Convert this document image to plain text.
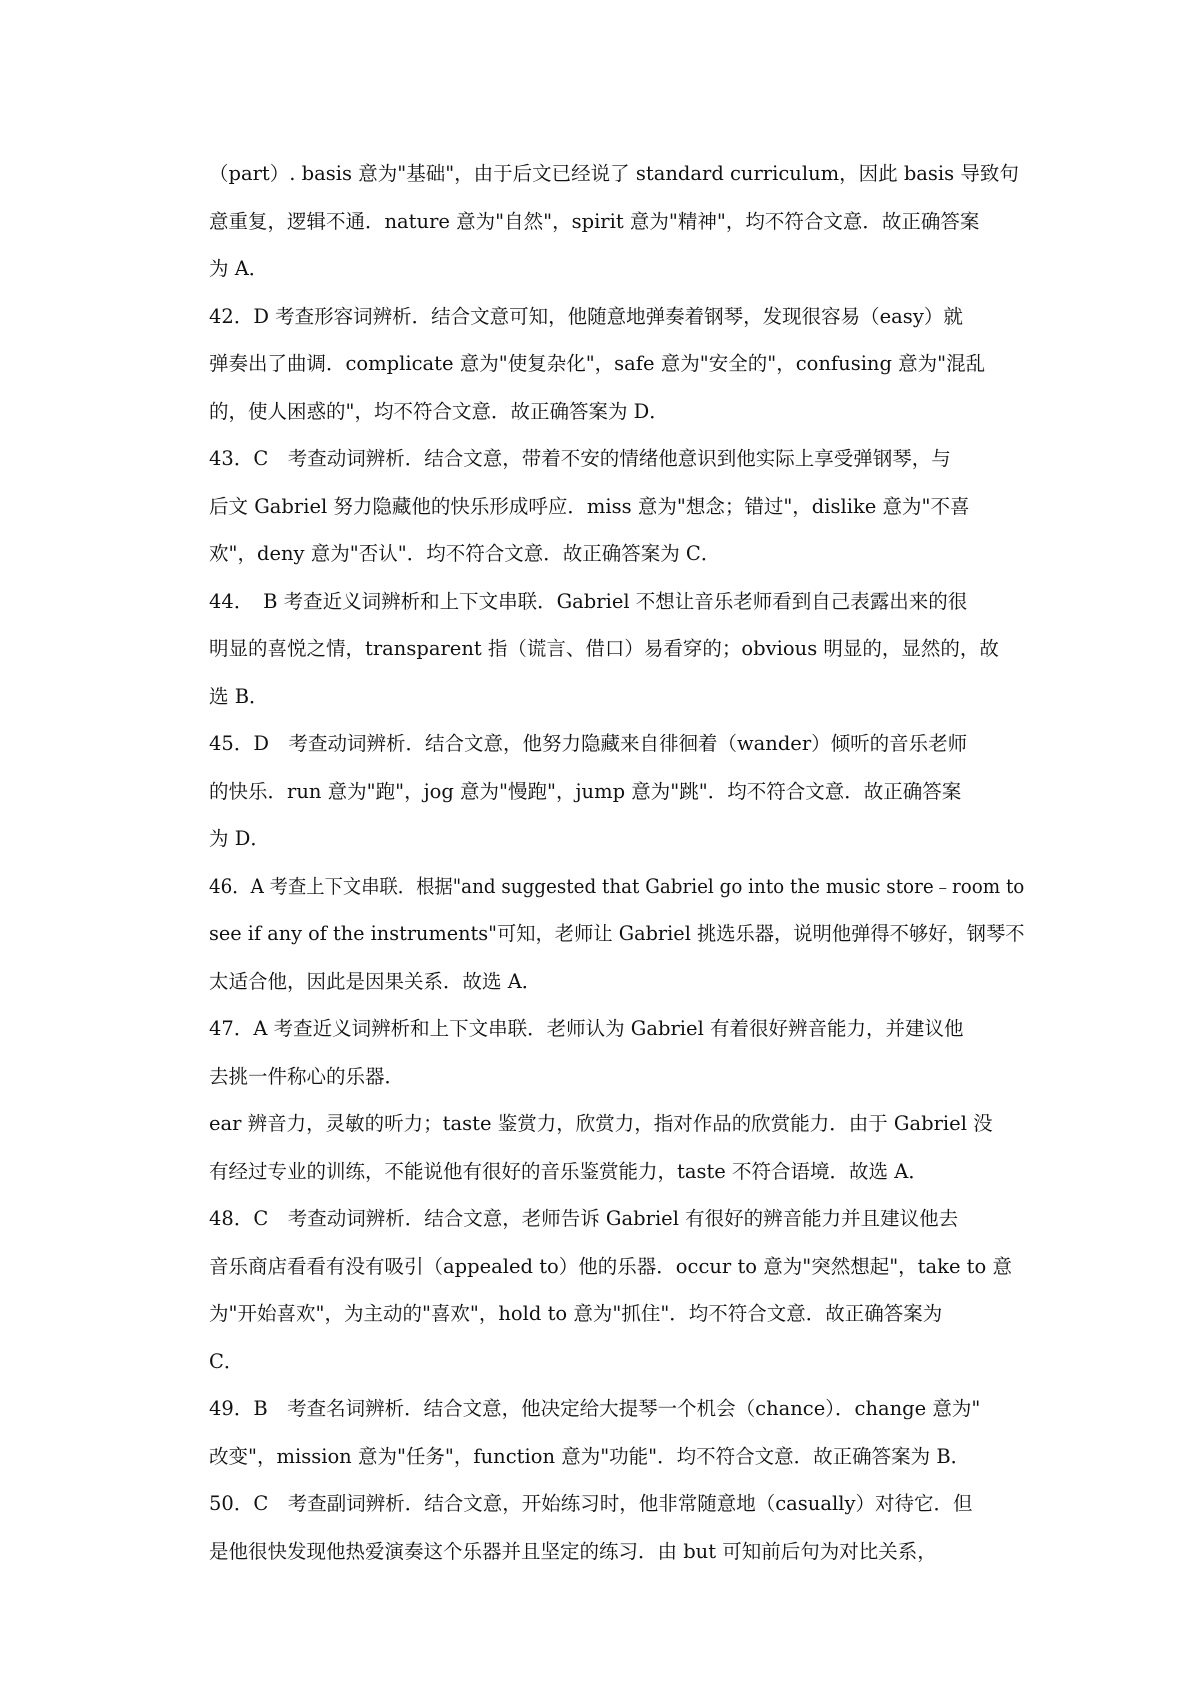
（part）. basis 意为"基础"，由于后文已经说了 standard curriculum，因此 basis 导致句
意重复，逻辑不通．nature 意为"自然"，spirit 意为"精神"，均不符合文意．故正确答案
为 A．
42．D 考查形容词辨析．结合文意可知，他随意地弹奏着钢琴，发现很容易（easy）就
弹奏出了曲调．complicate 意为"使复杂化"，safe 意为"安全的"，confusing 意为"混乱
的，使人困惑的"，均不符合文意．故正确答案为 D．
43．C　考查动词辨析．结合文意，带着不安的情绪他意识到他实际上享受弹钢琴，与
后文 Gabriel 努力隐藏他的快乐形成呼应．miss 意为"想念；错过"，dislike 意为"不喜
欢"，deny 意为"否认"．均不符合文意．故正确答案为 C．
44．　B 考查近义词辨析和上下文串联．Gabriel 不想让音乐老师看到自己表露出来的很
明显的喜悦之情，transparent 指（谎言、借口）易看穿的；obvious 明显的，显然的，故
选 B．
45．D　考查动词辨析．结合文意，他努力隐藏来自徘徊着（wander）倾听的音乐老师
的快乐．run 意为"跑"，jog 意为"慢跑"，jump 意为"跳"．均不符合文意．故正确答案
为 D．
46．A 考查上下文串联．根据"and suggested that Gabriel go into the music store﹣room to
see if any of the instruments"可知，老师让 Gabriel 挑选乐器，说明他弹得不够好，钢琴不
太适合他，因此是因果关系．故选 A．
47．A 考查近义词辨析和上下文串联．老师认为 Gabriel 有着很好辨音能力，并建议他
去挑一件称心的乐器．
ear 辨音力，灵敏的听力；taste 鉴赏力，欣赏力，指对作品的欣赏能力．由于 Gabriel 没
有经过专业的训练，不能说他有很好的音乐鉴赏能力，taste 不符合语境．故选 A．
48．C　考查动词辨析．结合文意，老师告诉 Gabriel 有很好的辨音能力并且建议他去
音乐商店看看有没有吸引（appealed to）他的乐器．occur to 意为"突然想起"，take to 意
为"开始喜欢"，为主动的"喜欢"，hold to 意为"抓住"．均不符合文意．故正确答案为
C．
49．B　考查名词辨析．结合文意，他决定给大提琴一个机会（chance）．change 意为"
改变"，mission 意为"任务"，function 意为"功能"．均不符合文意．故正确答案为 B．
50．C　考查副词辨析．结合文意，开始练习时，他非常随意地（casually）对待它．但
是他很快发现他热爱演奏这个乐器并且坚定的练习．由 but 可知前后句为对比关系，
